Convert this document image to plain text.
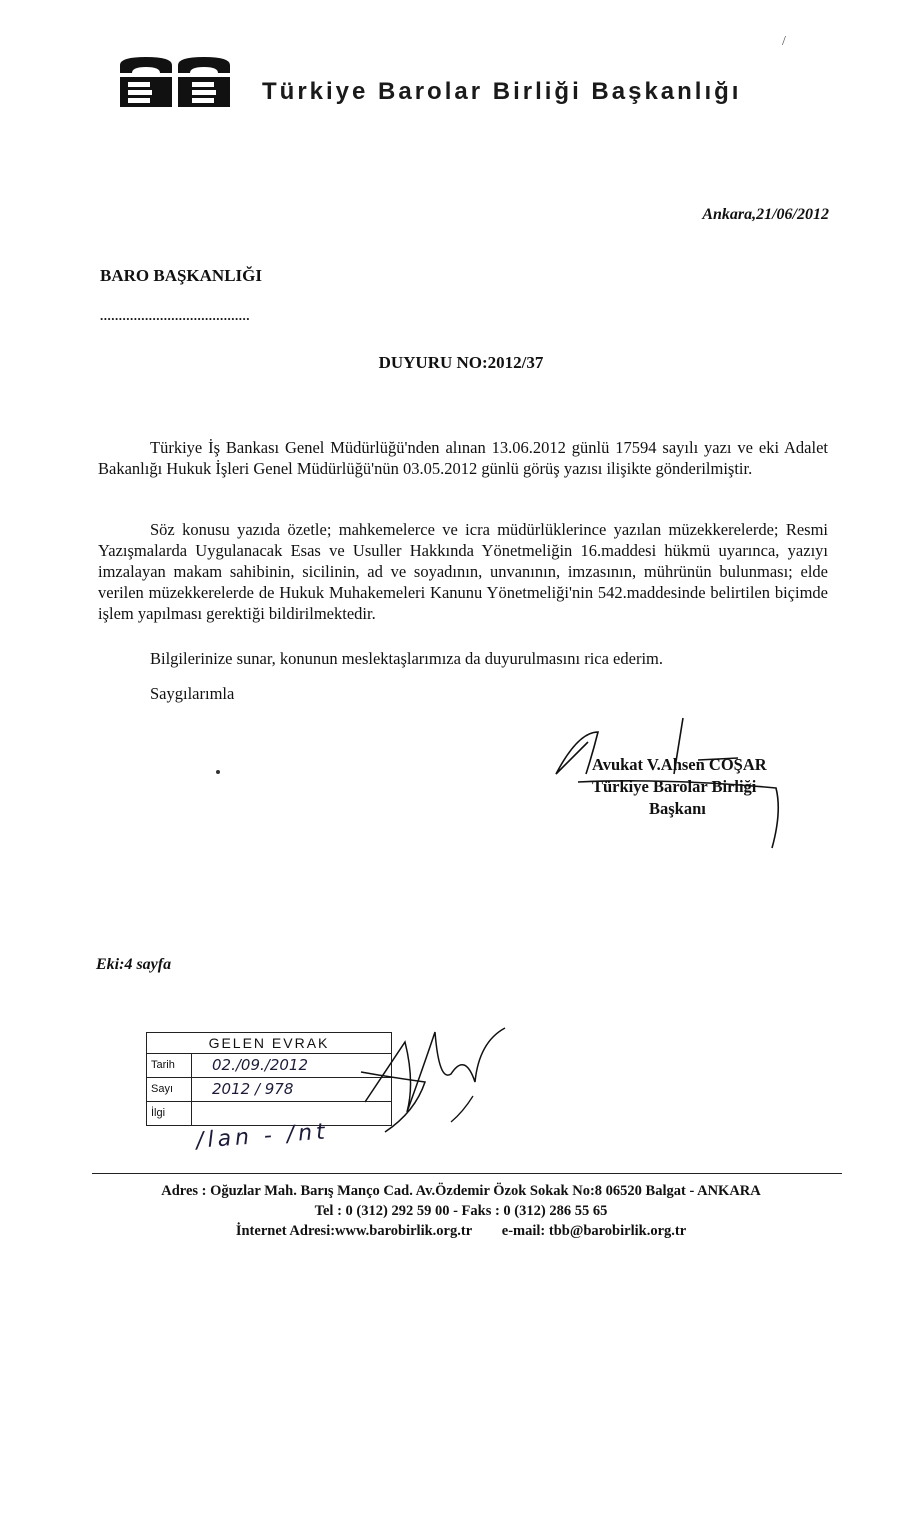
Türkiye Barolar Birliği Başkanlığı
/
Ankara,21/06/2012
BARO BAŞKANLIĞI
........................................
DUYURU NO:2012/37
Türkiye İş Bankası Genel Müdürlüğü'nden alınan 13.06.2012 günlü 17594 sayılı yazı ve eki Adalet Bakanlığı Hukuk İşleri Genel Müdürlüğü'nün 03.05.2012 günlü görüş yazısı ilişikte gönderilmiştir.
Söz konusu yazıda özetle; mahkemelerce ve icra müdürlüklerince yazılan müzekkerelerde; Resmi Yazışmalarda Uygulanacak Esas ve Usuller Hakkında Yönetmeliğin 16.maddesi hükmü uyarınca, yazıyı imzalayan makam sahibinin, sicilinin, ad ve soyadının, unvanının, imzasının, mührünün bulunması; elde verilen müzekkerelerde de Hukuk Muhakemeleri Kanunu Yönetmeliği'nin 542.maddesinde belirtilen biçimde işlem yapılması gerektiği bildirilmektedir.
Bilgilerinize sunar, konunun meslektaşlarımıza da duyurulmasını rica ederim.
Saygılarımla
Avukat V.Ahsen COŞAR
Türkiye Barolar Birliği
Başkanı
Eki:4 sayfa
GELEN EVRAK
Tarih	02./09./2012
Sayı	2012 / 978
İlgi
/lan - /nt
Adres : Oğuzlar Mah. Barış Manço Cad. Av.Özdemir Özok Sokak No:8 06520 Balgat - ANKARA
Tel : 0 (312) 292 59 00 - Faks : 0 (312) 286 55 65
İnternet Adresi:www.barobirlik.org.tr e-mail: tbb@barobirlik.org.tr
